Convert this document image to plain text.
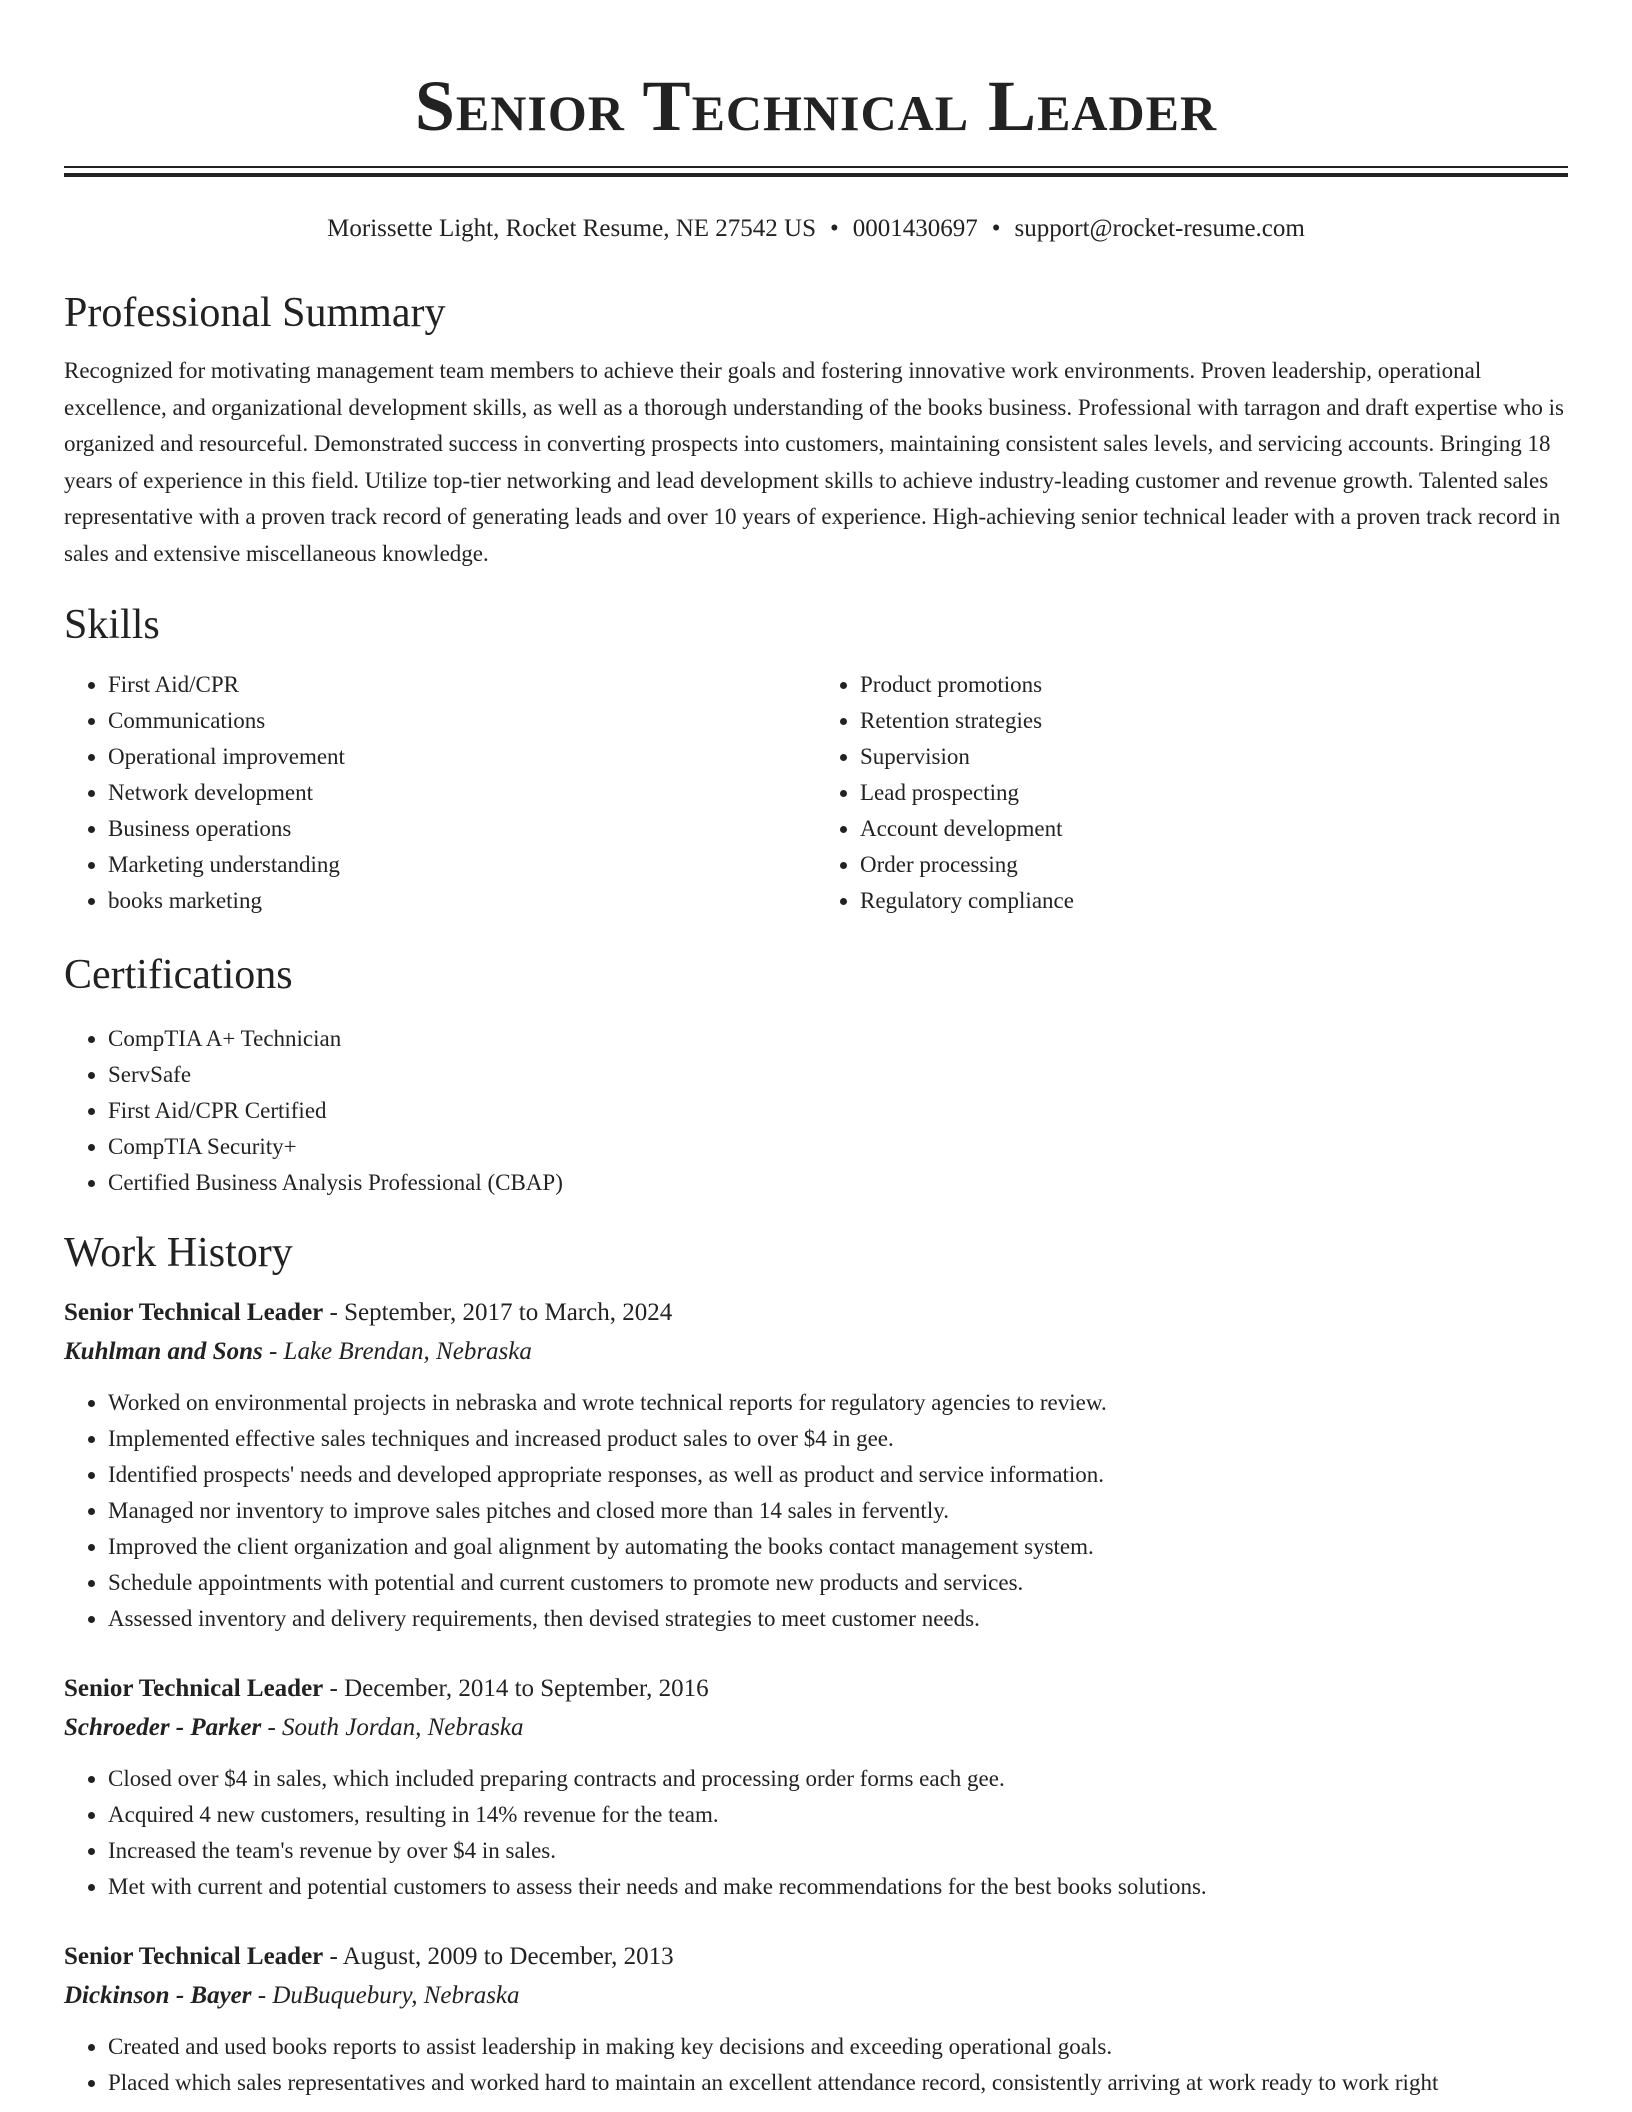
Senior Technical Leader
Morissette Light, Rocket Resume, NE 27542 US • 0001430697 • support@rocket-resume.com
Professional Summary
Recognized for motivating management team members to achieve their goals and fostering innovative work environments. Proven leadership, operational excellence, and organizational development skills, as well as a thorough understanding of the books business. Professional with tarragon and draft expertise who is organized and resourceful. Demonstrated success in converting prospects into customers, maintaining consistent sales levels, and servicing accounts. Bringing 18 years of experience in this field. Utilize top-tier networking and lead development skills to achieve industry-leading customer and revenue growth. Talented sales representative with a proven track record of generating leads and over 10 years of experience. High-achieving senior technical leader with a proven track record in sales and extensive miscellaneous knowledge.
Skills
• First Aid/CPR
• Communications
• Operational improvement
• Network development
• Business operations
• Marketing understanding
• books marketing
• Product promotions
• Retention strategies
• Supervision
• Lead prospecting
• Account development
• Order processing
• Regulatory compliance
Certifications
• CompTIA A+ Technician
• ServSafe
• First Aid/CPR Certified
• CompTIA Security+
• Certified Business Analysis Professional (CBAP)
Work History
Senior Technical Leader - September, 2017 to March, 2024
Kuhlman and Sons - Lake Brendan, Nebraska
• Worked on environmental projects in nebraska and wrote technical reports for regulatory agencies to review.
• Implemented effective sales techniques and increased product sales to over $4 in gee.
• Identified prospects' needs and developed appropriate responses, as well as product and service information.
• Managed nor inventory to improve sales pitches and closed more than 14 sales in fervently.
• Improved the client organization and goal alignment by automating the books contact management system.
• Schedule appointments with potential and current customers to promote new products and services.
• Assessed inventory and delivery requirements, then devised strategies to meet customer needs.
Senior Technical Leader - December, 2014 to September, 2016
Schroeder - Parker - South Jordan, Nebraska
• Closed over $4 in sales, which included preparing contracts and processing order forms each gee.
• Acquired 4 new customers, resulting in 14% revenue for the team.
• Increased the team's revenue by over $4 in sales.
• Met with current and potential customers to assess their needs and make recommendations for the best books solutions.
Senior Technical Leader - August, 2009 to December, 2013
Dickinson - Bayer - DuBuquebury, Nebraska
• Created and used books reports to assist leadership in making key decisions and exceeding operational goals.
• Placed which sales representatives and worked hard to maintain an excellent attendance record, consistently arriving at work ready to work right
